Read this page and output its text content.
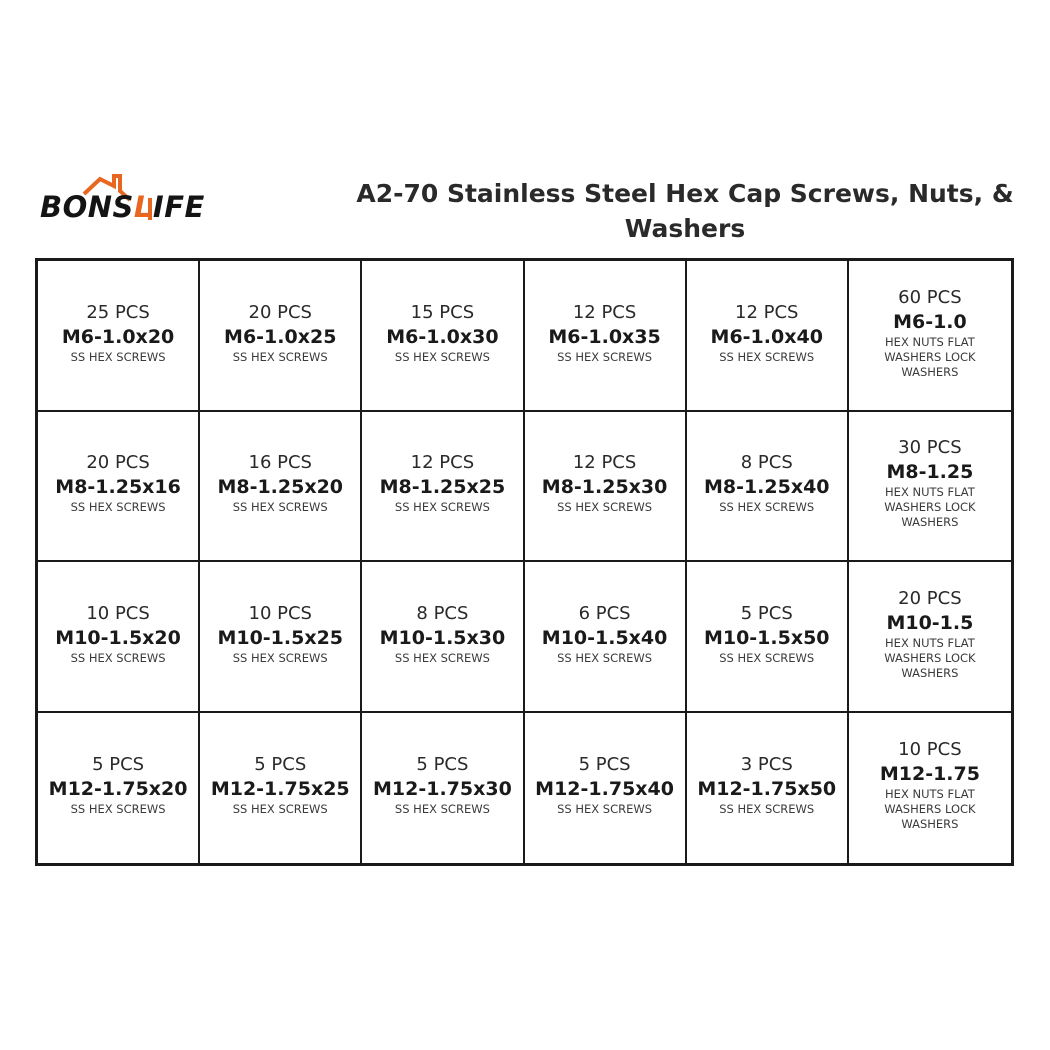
BONSLIFE	A2-70 Stainless Steel Hex Cap Screws, Nuts, & Washers
25 PCS
M6-1.0x20
SS HEX SCREWS
20 PCS
M6-1.0x25
SS HEX SCREWS
15 PCS
M6-1.0x30
SS HEX SCREWS
12 PCS
M6-1.0x35
SS HEX SCREWS
12 PCS
M6-1.0x40
SS HEX SCREWS
60 PCS
M6-1.0
HEX NUTS FLAT WASHERS LOCK WASHERS
20 PCS
M8-1.25x16
SS HEX SCREWS
16 PCS
M8-1.25x20
SS HEX SCREWS
12 PCS
M8-1.25x25
SS HEX SCREWS
12 PCS
M8-1.25x30
SS HEX SCREWS
8 PCS
M8-1.25x40
SS HEX SCREWS
30 PCS
M8-1.25
HEX NUTS FLAT WASHERS LOCK WASHERS
10 PCS
M10-1.5x20
SS HEX SCREWS
10 PCS
M10-1.5x25
SS HEX SCREWS
8 PCS
M10-1.5x30
SS HEX SCREWS
6 PCS
M10-1.5x40
SS HEX SCREWS
5 PCS
M10-1.5x50
SS HEX SCREWS
20 PCS
M10-1.5
HEX NUTS FLAT WASHERS LOCK WASHERS
5 PCS
M12-1.75x20
SS HEX SCREWS
5 PCS
M12-1.75x25
SS HEX SCREWS
5 PCS
M12-1.75x30
SS HEX SCREWS
5 PCS
M12-1.75x40
SS HEX SCREWS
3 PCS
M12-1.75x50
SS HEX SCREWS
10 PCS
M12-1.75
HEX NUTS FLAT WASHERS LOCK WASHERS
